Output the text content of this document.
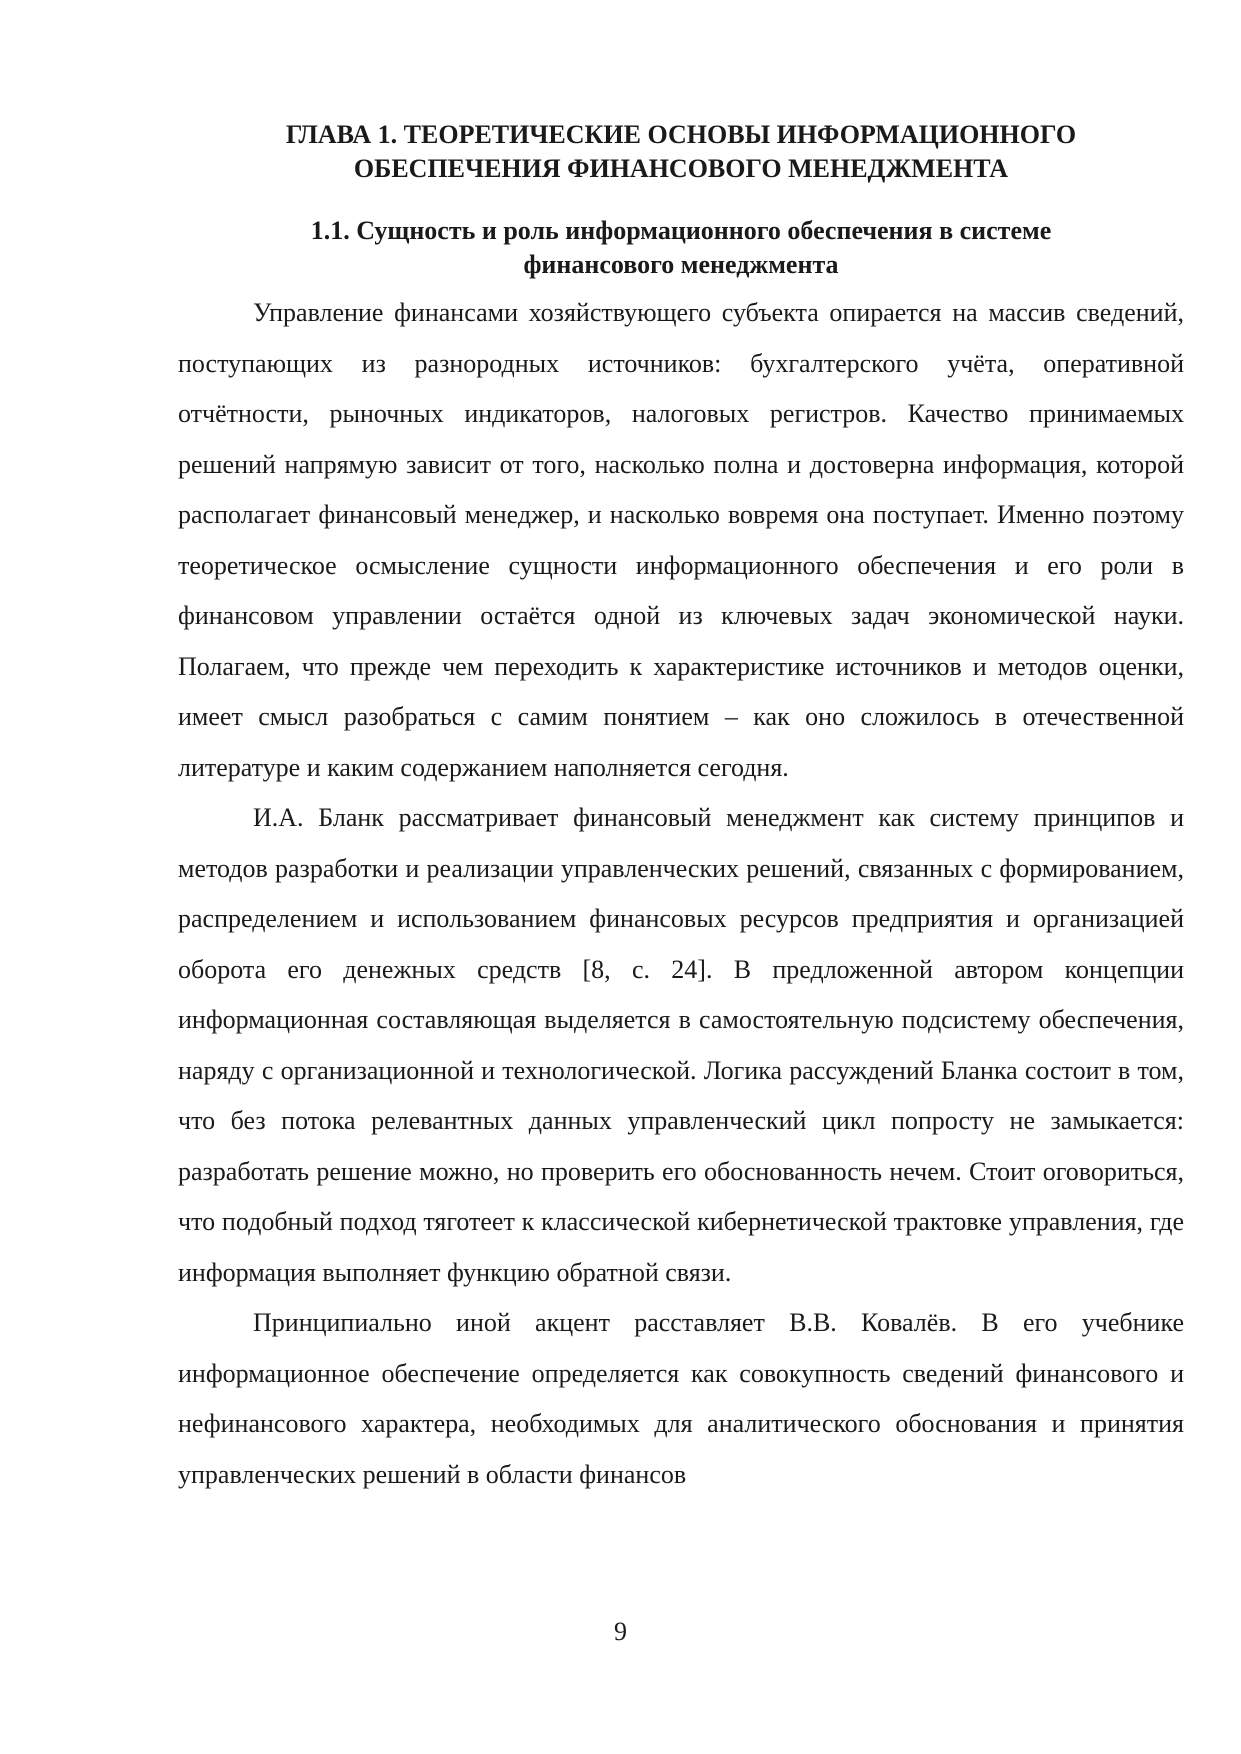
ГЛАВА 1. ТЕОРЕТИЧЕСКИЕ ОСНОВЫ ИНФОРМАЦИОННОГО ОБЕСПЕЧЕНИЯ ФИНАНСОВОГО МЕНЕДЖМЕНТА
1.1. Сущность и роль информационного обеспечения в системе финансового менеджмента

Управление финансами хозяйствующего субъекта опирается на массив сведений, поступающих из разнородных источников: бухгалтерского учёта, оперативной отчётности, рыночных индикаторов, налоговых регистров. Качество принимаемых решений напрямую зависит от того, насколько полна и достоверна информация, которой располагает финансовый менеджер, и насколько вовремя она поступает. Именно поэтому теоретическое осмысление сущности информационного обеспечения и его роли в финансовом управлении остаётся одной из ключевых задач экономической науки. Полагаем, что прежде чем переходить к характеристике источников и методов оценки, имеет смысл разобраться с самим понятием – как оно сложилось в отечественной литературе и каким содержанием наполняется сегодня.

И.А. Бланк рассматривает финансовый менеджмент как систему принципов и методов разработки и реализации управленческих решений, связанных с формированием, распределением и использованием финансовых ресурсов предприятия и организацией оборота его денежных средств [8, с. 24]. В предложенной автором концепции информационная составляющая выделяется в самостоятельную подсистему обеспечения, наряду с организационной и технологической. Логика рассуждений Бланка состоит в том, что без потока релевантных данных управленческий цикл попросту не замыкается: разработать решение можно, но проверить его обоснованность нечем. Стоит оговориться, что подобный подход тяготеет к классической кибернетической трактовке управления, где информация выполняет функцию обратной связи.

Принципиально иной акцент расставляет В.В. Ковалёв. В его учебнике информационное обеспечение определяется как совокупность сведений финансового и нефинансового характера, необходимых для аналитического обоснования и принятия управленческих решений в области финансов

9
